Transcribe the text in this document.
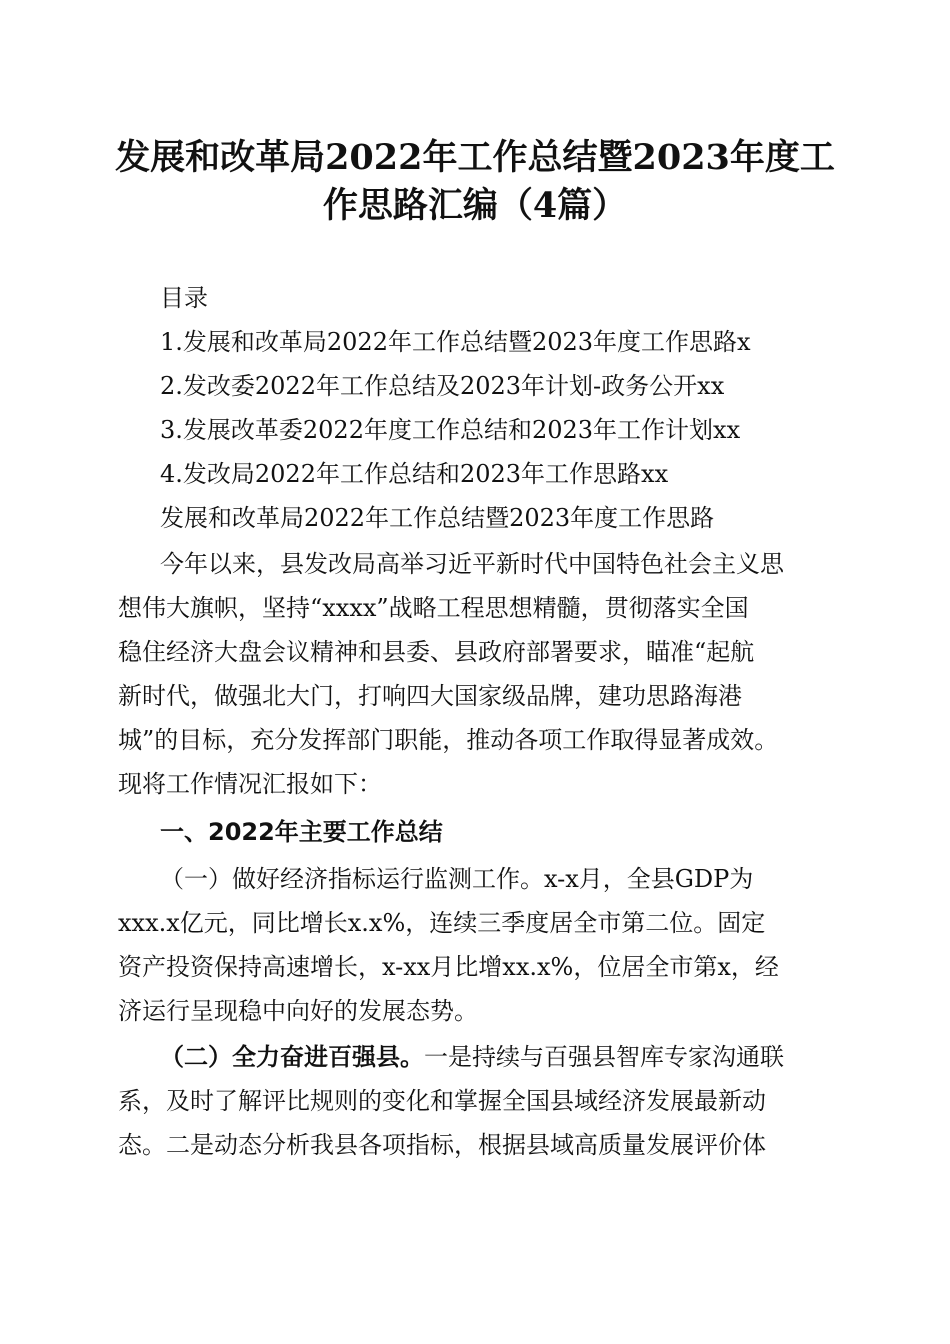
发展和改革局2022年工作总结暨2023年度工
作思路汇编（4篇）

目录

1.发展和改革局2022年工作总结暨2023年度工作思路x

2.发改委2022年工作总结及2023年计划-政务公开xx

3.发展改革委2022年度工作总结和2023年工作计划xx

4.发改局2022年工作总结和2023年工作思路xx

发展和改革局2022年工作总结暨2023年度工作思路

今年以来，县发改局高举习近平新时代中国特色社会主义思

想伟大旗帜，坚持“xxxx”战略工程思想精髓，贯彻落实全国

稳住经济大盘会议精神和县委、县政府部署要求，瞄准“起航

新时代，做强北大门，打响四大国家级品牌，建功思路海港

城”的目标，充分发挥部门职能，推动各项工作取得显著成效。

现将工作情况汇报如下：

一、2022年主要工作总结

（一）做好经济指标运行监测工作。x-x月，全县GDP为

xxx.x亿元，同比增长x.x%，连续三季度居全市第二位。固定

资产投资保持高速增长，x-xx月比增xx.x%，位居全市第x，经

济运行呈现稳中向好的发展态势。

（二）全力奋进百强县。一是持续与百强县智库专家沟通联

系，及时了解评比规则的变化和掌握全国县域经济发展最新动

态。二是动态分析我县各项指标，根据县域高质量发展评价体
